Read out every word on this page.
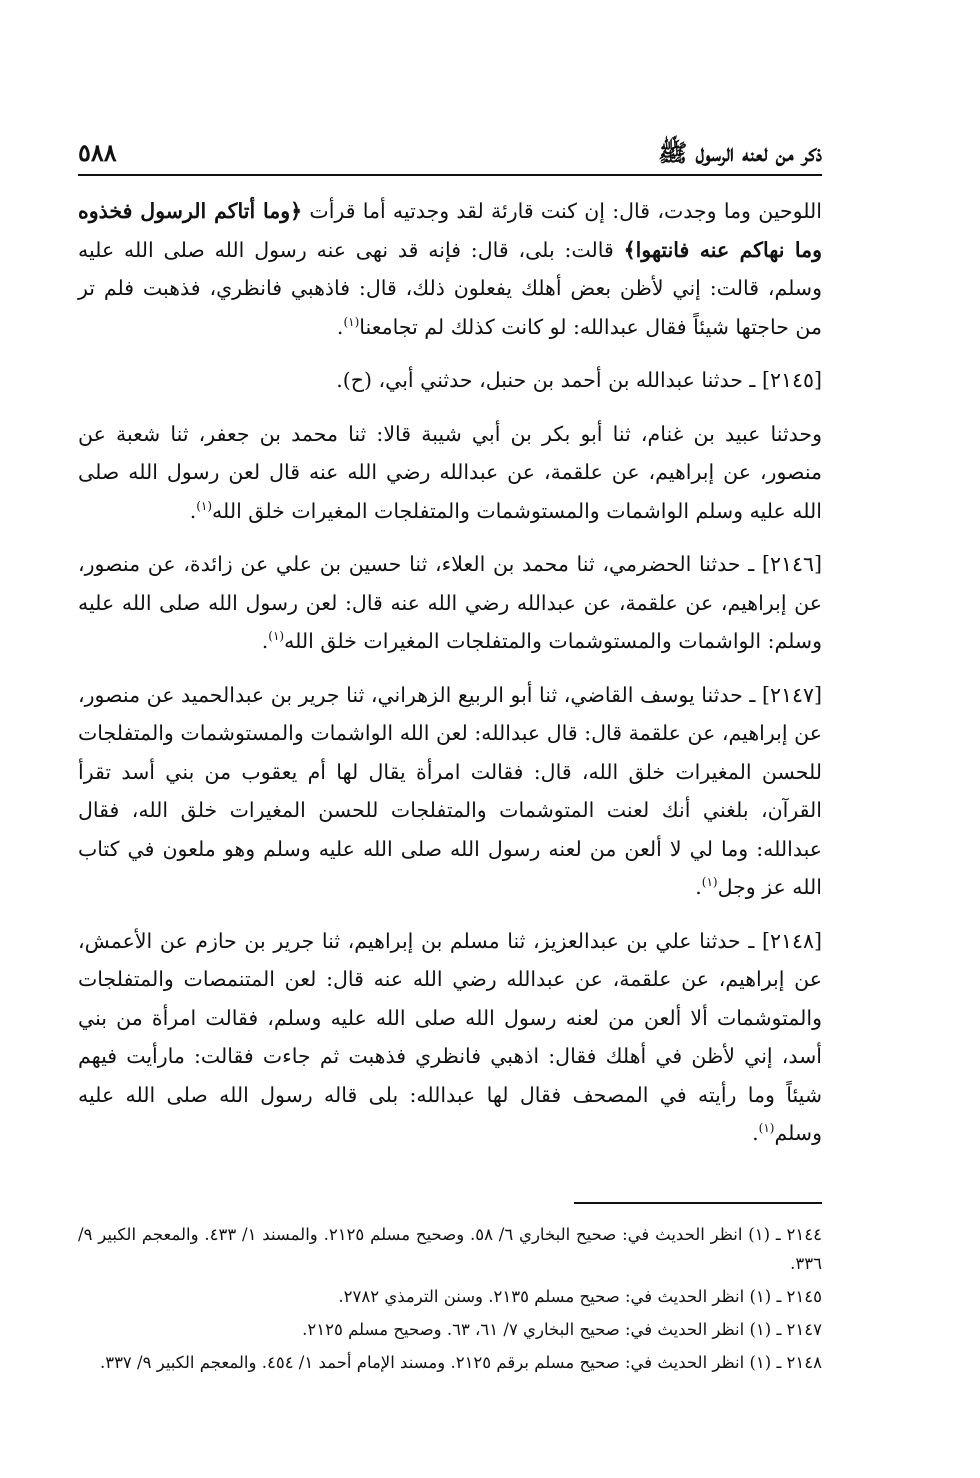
ذكر من لعنه الرسول ﷺ
٥٨٨

اللوحين وما وجدت، قال: إن كنت قارئة لقد وجدتيه أما قرأت ﴿وما أتاكم الرسول فخذوه وما نهاكم عنه فانتهوا﴾ قالت: بلى، قال: فإنه قد نهى عنه رسول الله صلى الله عليه وسلم، قالت: إني لأظن بعض أهلك يفعلون ذلك، قال: فاذهبي فانظري، فذهبت فلم تر من حاجتها شيئاً فقال عبدالله: لو كانت كذلك لم تجامعنا$^{(١)}$.

[٢١٤٥] ـ حدثنا عبدالله بن أحمد بن حنبل، حدثني أبي، (ح).

وحدثنا عبيد بن غنام، ثنا أبو بكر بن أبي شيبة قالا: ثنا محمد بن جعفر، ثنا شعبة عن منصور، عن إبراهيم، عن علقمة، عن عبدالله رضي الله عنه قال لعن رسول الله صلى الله عليه وسلم الواشمات والمستوشمات والمتفلجات المغيرات خلق الله$^{(١)}$.

[٢١٤٦] ـ حدثنا الحضرمي، ثنا محمد بن العلاء، ثنا حسين بن علي عن زائدة، عن منصور، عن إبراهيم، عن علقمة، عن عبدالله رضي الله عنه قال: لعن رسول الله صلى الله عليه وسلم: الواشمات والمستوشمات والمتفلجات المغيرات خلق الله$^{(١)}$.

[٢١٤٧] ـ حدثنا يوسف القاضي، ثنا أبو الربيع الزهراني، ثنا جرير بن عبدالحميد عن منصور، عن إبراهيم، عن علقمة قال: قال عبدالله: لعن الله الواشمات والمستوشمات والمتفلجات للحسن المغيرات خلق الله، قال: فقالت امرأة يقال لها أم يعقوب من بني أسد تقرأ القرآن، بلغني أنك لعنت المتوشمات والمتفلجات للحسن المغيرات خلق الله، فقال عبدالله: وما لي لا ألعن من لعنه رسول الله صلى الله عليه وسلم وهو ملعون في كتاب الله عز وجل$^{(١)}$.

[٢١٤٨] ـ حدثنا علي بن عبدالعزيز، ثنا مسلم بن إبراهيم، ثنا جرير بن حازم عن الأعمش، عن إبراهيم، عن علقمة، عن عبدالله رضي الله عنه قال: لعن المتنمصات والمتفلجات والمتوشمات ألا ألعن من لعنه رسول الله صلى الله عليه وسلم، فقالت امرأة من بني أسد، إني لأظن في أهلك فقال: اذهبي فانظري فذهبت ثم جاءت فقالت: مارأيت فيهم شيئاً وما رأيته في المصحف فقال لها عبدالله: بلى قاله رسول الله صلى الله عليه وسلم$^{(١)}$.

٢١٤٤ ـ (١) انظر الحديث في: صحيح البخاري ٦/ ٥٨. وصحيح مسلم ٢١٢٥. والمسند ١/ ٤٣٣. والمعجم الكبير ٩/ ٣٣٦.

٢١٤٥ ـ (١) انظر الحديث في: صحيح مسلم ٢١٣٥. وسنن الترمذي ٢٧٨٢.

٢١٤٧ ـ (١) انظر الحديث في: صحيح البخاري ٧/ ٦١، ٦٣. وصحيح مسلم ٢١٢٥.

٢١٤٨ ـ (١) انظر الحديث في: صحيح مسلم برقم ٢١٢٥. ومسند الإمام أحمد ١/ ٤٥٤. والمعجم الكبير ٩/ ٣٣٧.
